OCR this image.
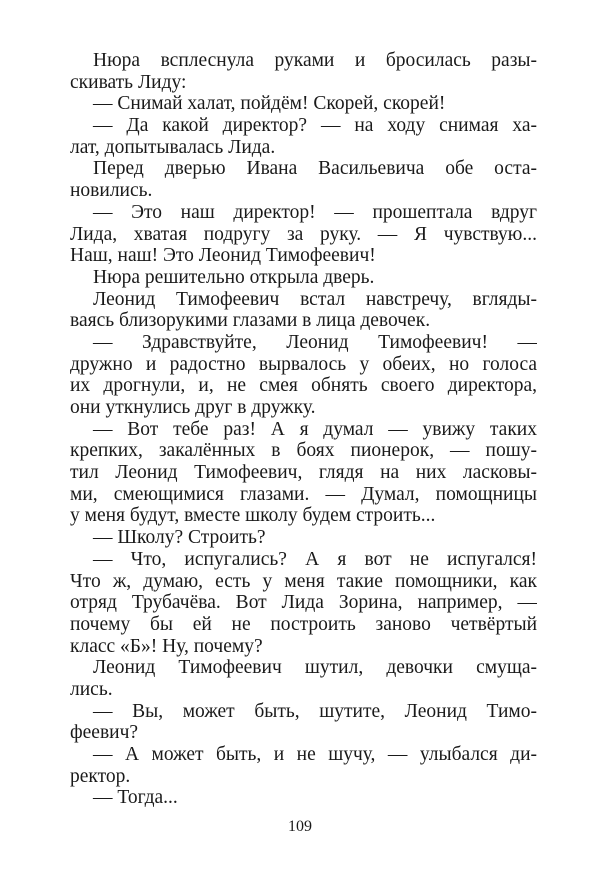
Нюра всплеснула руками и бросилась разы-
скивать Лиду:
— Снимай халат, пойдём! Скорей, скорей!
— Да какой директор? — на ходу снимая ха-
лат, допытывалась Лида.
Перед дверью Ивана Васильевича обе оста-
новились.
— Это наш директор! — прошептала вдруг
Лида, хватая подругу за руку. — Я чувствую...
Наш, наш! Это Леонид Тимофеевич!
Нюра решительно открыла дверь.
Леонид Тимофеевич встал навстречу, вгляды-
ваясь близорукими глазами в лица девочек.
— Здравствуйте, Леонид Тимофеевич! —
дружно и радостно вырвалось у обеих, но голоса
их дрогнули, и, не смея обнять своего директора,
они уткнулись друг в дружку.
— Вот тебе раз! А я думал — увижу таких
крепких, закалённых в боях пионерок, — пошу-
тил Леонид Тимофеевич, глядя на них ласковы-
ми, смеющимися глазами. — Думал, помощницы
у меня будут, вместе школу будем строить...
— Школу? Строить?
— Что, испугались? А я вот не испугался!
Что ж, думаю, есть у меня такие помощники, как
отряд Трубачёва. Вот Лида Зорина, например, —
почему бы ей не построить заново четвёртый
класс «Б»! Ну, почему?
Леонид Тимофеевич шутил, девочки смуща-
лись.
— Вы, может быть, шутите, Леонид Тимо-
феевич?
— А может быть, и не шучу, — улыбался ди-
ректор.
— Тогда...
109
